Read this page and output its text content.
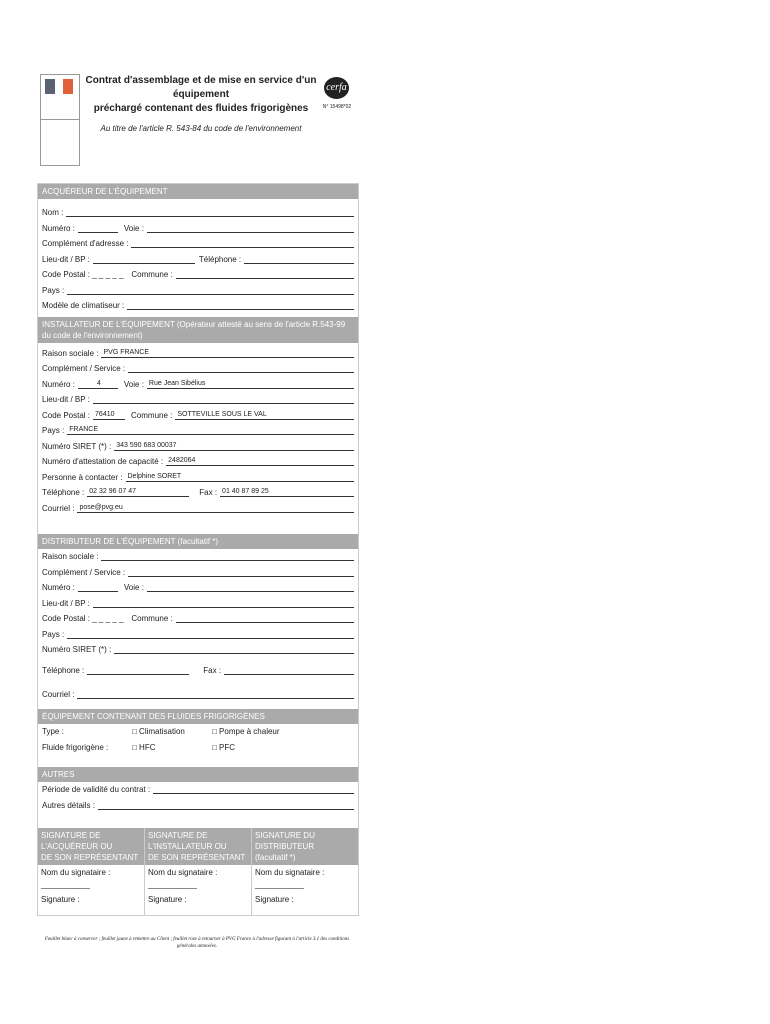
Contrat d'assemblage et de mise en service d'un équipement
préchargé contenant des fluides frigorigènes
Au titre de l'article R. 543-84 du code de l'environnement
cerfa
N° 15498*02
ACQUÉREUR DE L'ÉQUIPEMENT
Nom :
Numéro :	Voie :
Complément d'adresse :
Lieu-dit / BP :	Téléphone :
Code Postal : _ _ _ _ _ Commune :
Pays :
Modèle de climatiseur :
INSTALLATEUR DE L'ÉQUIPEMENT (Opérateur attesté au sens de l'article R.543-99 du code de l'environnement)
Raison sociale : PVG FRANCE
Complément / Service :
Numéro :	4	Voie : Rue Jean Sibélius
Lieu-dit / BP :
Code Postal : 76410	Commune : SOTTEVILLE SOUS LE VAL
Pays : FRANCE
Numéro SIRET (*) : 343 590 683 00037
Numéro d'attestation de capacité : 2482064
Personne à contacter : Delphine SORET
Téléphone : 02 32 96 07 47	Fax : 01 40 87 89 25
Courriel : pose@pvg.eu
DISTRIBUTEUR DE L'ÉQUIPEMENT (facultatif *)
Raison sociale :
Complément / Service :
Numéro :	Voie :
Lieu-dit / BP :
Code Postal : _ _ _ _ _ Commune :
Pays :
Numéro SIRET (*) :
Téléphone :	Fax :
Courriel :
ÉQUIPEMENT CONTENANT DES FLUIDES FRIGORIGÈNES
Type :	□ Climatisation	□ Pompe à chaleur
Fluide frigorigène :	□ HFC	□ PFC
AUTRES
Période de validité du contrat :
Autres détails :
SIGNATURE DE L'ACQUÉREUR OU
DE SON REPRÉSENTANT
Nom du signataire : ___________
Signature :
SIGNATURE DE L'INSTALLATEUR OU
DE SON REPRÉSENTANT
Nom du signataire : ___________
Signature :
SIGNATURE DU DISTRIBUTEUR
(facultatif *)
Nom du signataire : ___________
Signature :
Feuillet blanc à conserver ; feuillet jaune à remettre au Client ; feuillet rose à retourner à PVG France à l'adresse figurant à l'article 3.1 des conditions générales annexées.
